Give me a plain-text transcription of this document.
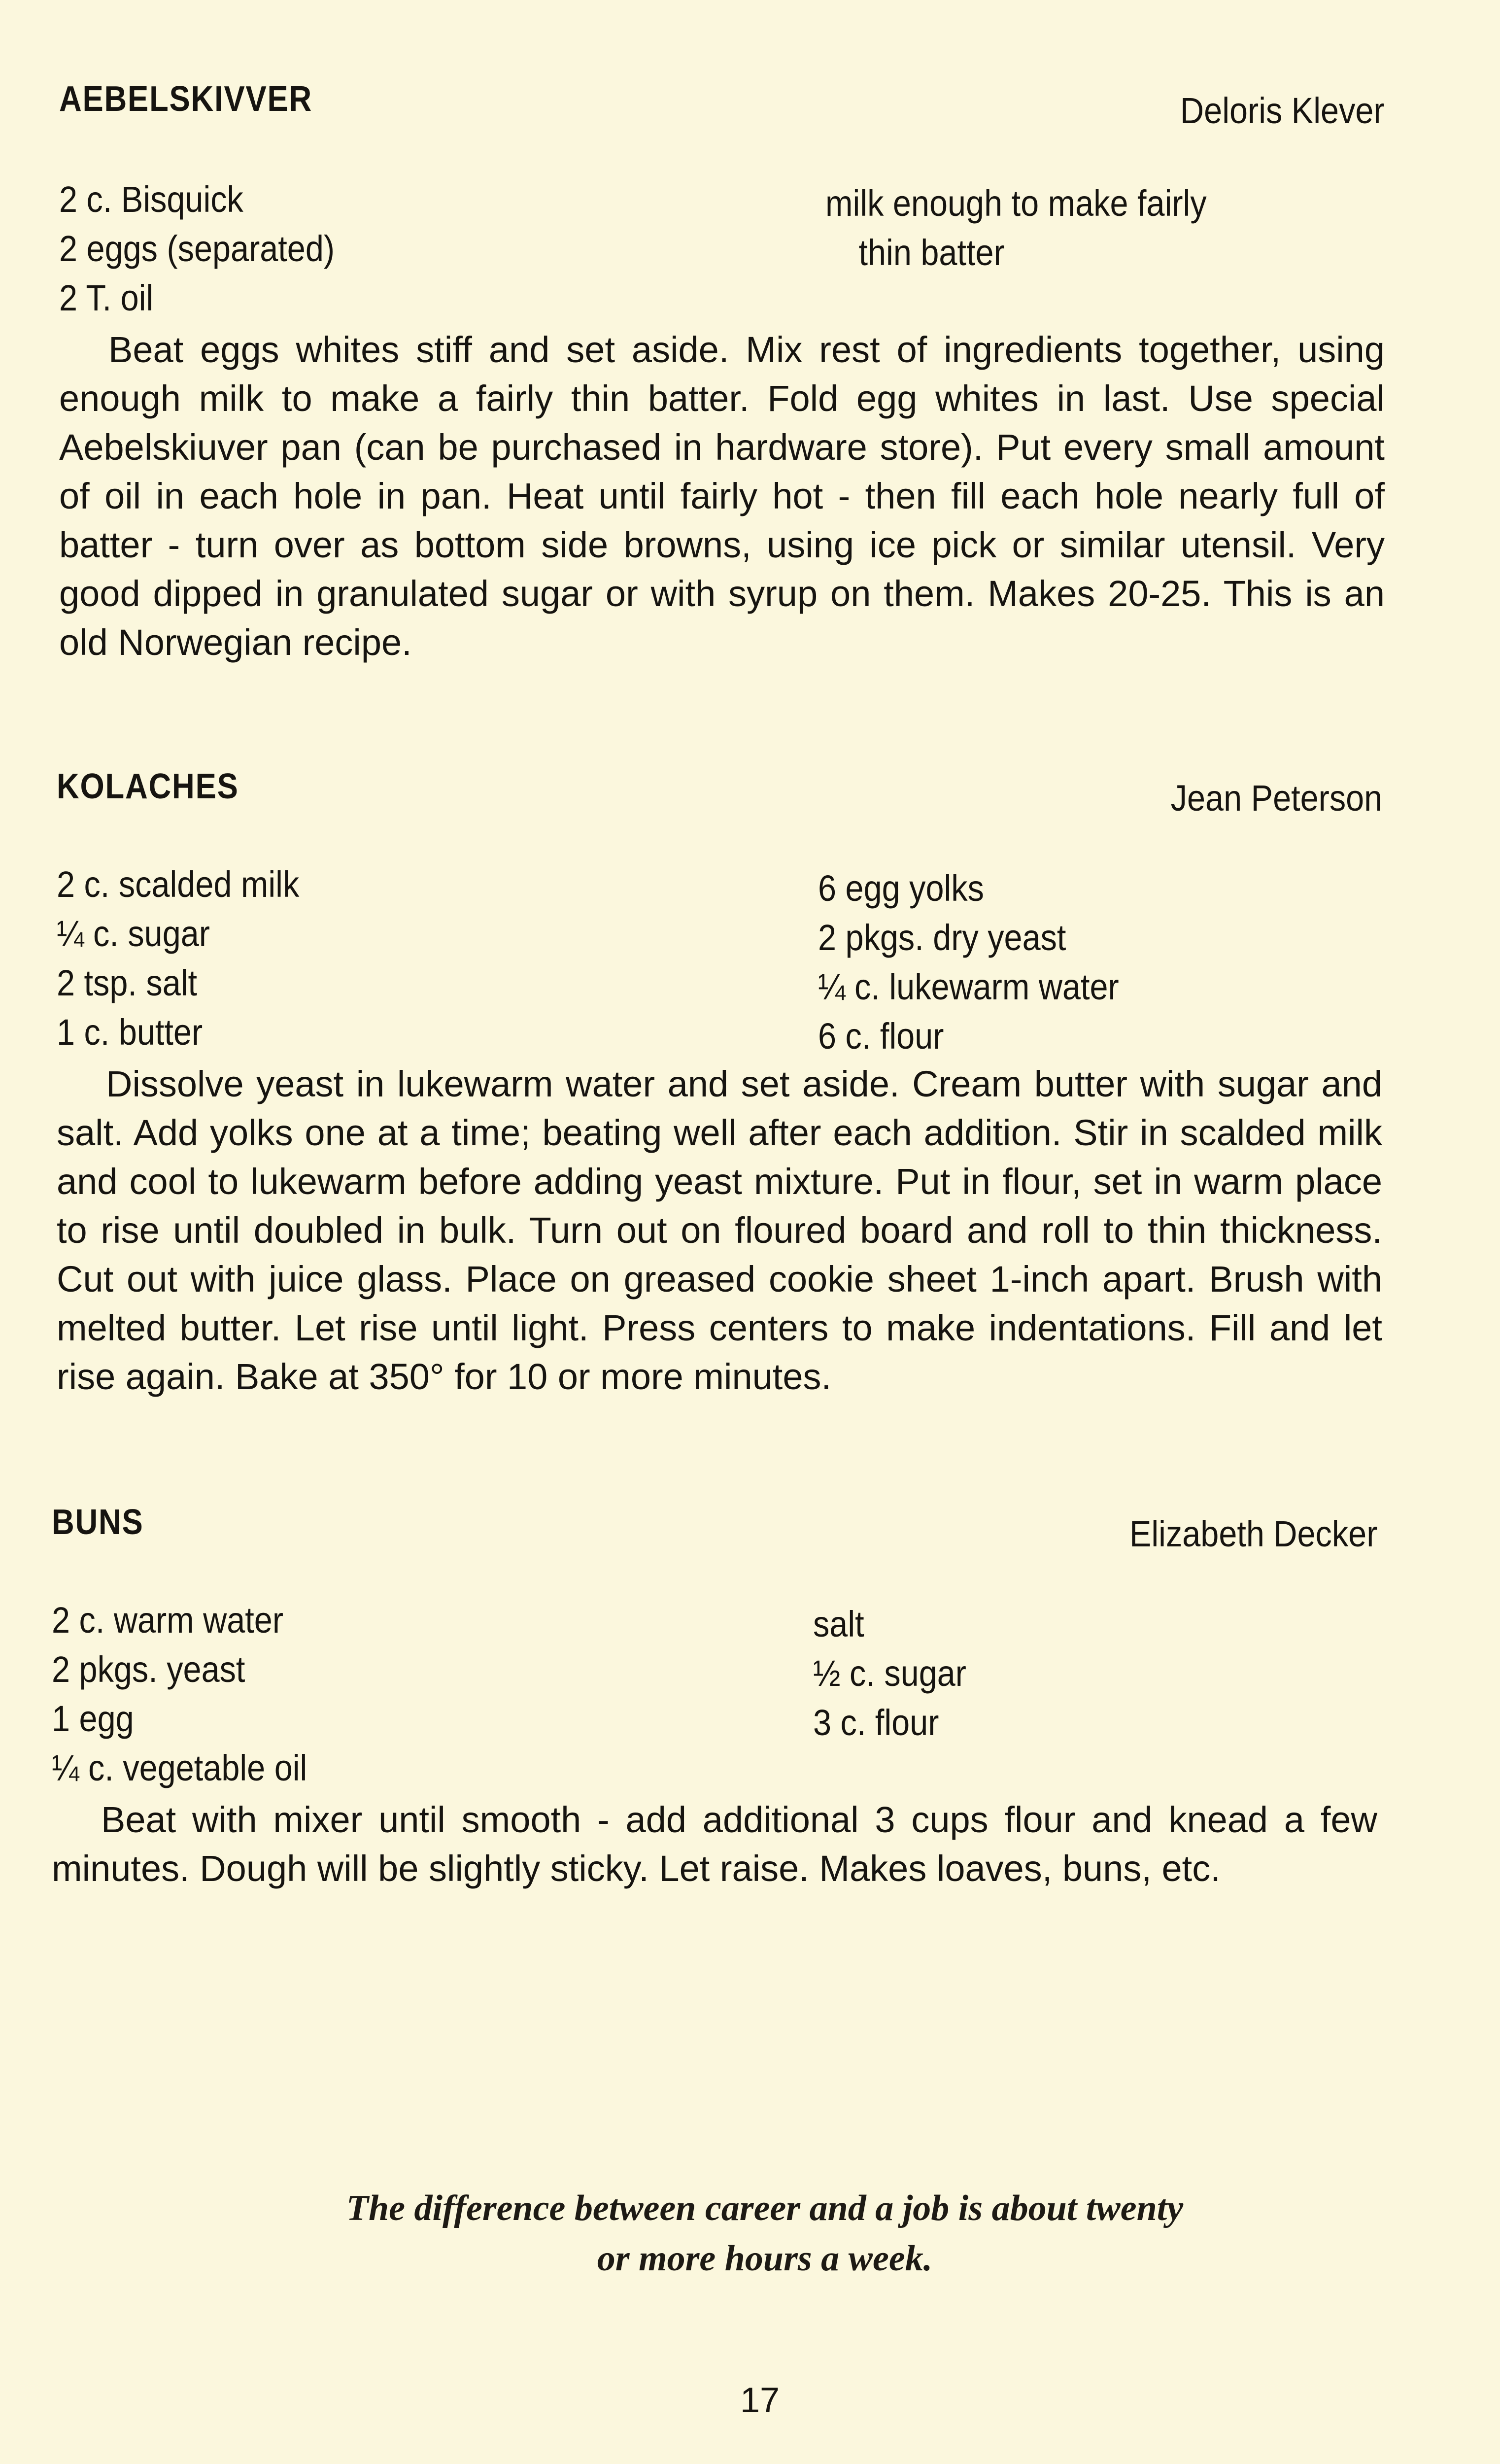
AEBELSKIVVER	Deloris Klever
2 c. Bisquick
2 eggs (separated)
2 T. oil
milk enough to make fairly
thin batter

Beat eggs whites stiff and set aside. Mix rest of ingredients together, using enough milk to make a fairly thin batter. Fold egg whites in last. Use special Aebelskiuver pan (can be purchased in hardware store). Put every small amount of oil in each hole in pan. Heat until fairly hot - then fill each hole nearly full of batter - turn over as bottom side browns, using ice pick or similar utensil. Very good dipped in granulated sugar or with syrup on them. Makes 20-25. This is an old Norwegian recipe.

KOLACHES	Jean Peterson
2 c. scalded milk
¼ c. sugar
2 tsp. salt
1 c. butter
6 egg yolks
2 pkgs. dry yeast
¼ c. lukewarm water
6 c. flour

Dissolve yeast in lukewarm water and set aside. Cream butter with sugar and salt. Add yolks one at a time; beating well after each addition. Stir in scalded milk and cool to lukewarm before adding yeast mixture. Put in flour, set in warm place to rise until doubled in bulk. Turn out on floured board and roll to thin thickness. Cut out with juice glass. Place on greased cookie sheet 1-inch apart. Brush with melted butter. Let rise until light. Press centers to make indentations. Fill and let rise again. Bake at 350° for 10 or more minutes.

BUNS	Elizabeth Decker
2 c. warm water
2 pkgs. yeast
1 egg
¼ c. vegetable oil
salt
½ c. sugar
3 c. flour

Beat with mixer until smooth - add additional 3 cups flour and knead a few minutes. Dough will be slightly sticky. Let raise. Makes loaves, buns, etc.

The difference between career and a job is about twenty
or more hours a week.
17
